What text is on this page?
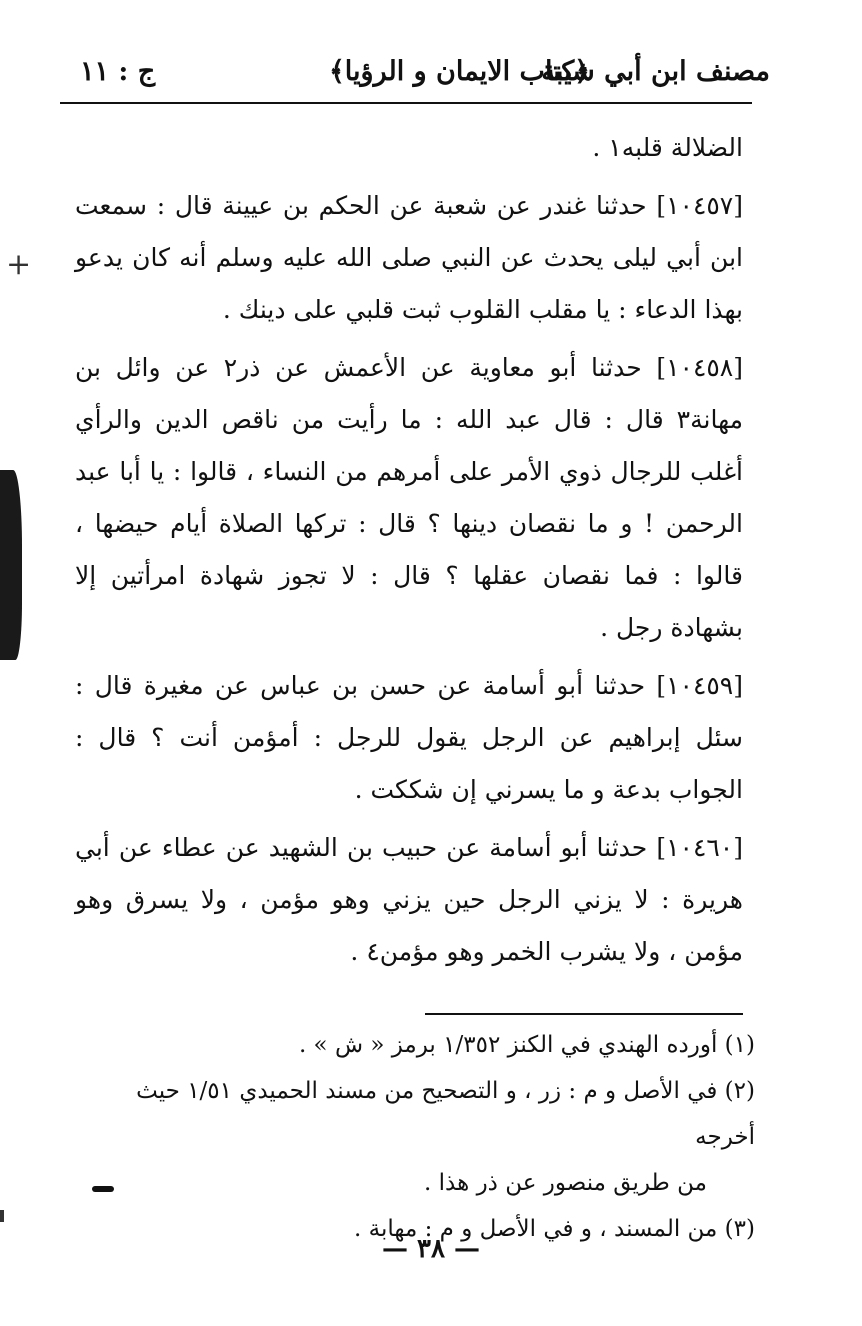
مصنف ابن أبي شيبة
﴿كتاب الايمان و الرؤيا﴾
ج : ١١

الضلالة قلبه١ .

[١٠٤٥٧] حدثنا غندر عن شعبة عن الحكم بن عيينة قال : سمعت ابن أبي ليلى يحدث عن النبي صلى الله عليه وسلم أنه كان يدعو بهذا الدعاء : يا مقلب القلوب ثبت قلبي على دينك .

[١٠٤٥٨] حدثنا أبو معاوية عن الأعمش عن ذر٢ عن وائل بن مهانة٣ قال : قال عبد الله : ما رأيت من ناقص الدين والرأي أغلب للرجال ذوي الأمر على أمرهم من النساء ، قالوا : يا أبا عبد الرحمن ! و ما نقصان دينها ؟ قال : تركها الصلاة أيام حيضها ، قالوا : فما نقصان عقلها ؟ قال : لا تجوز شهادة امرأتين إلا بشهادة رجل .

[١٠٤٥٩] حدثنا أبو أسامة عن حسن بن عباس عن مغيرة قال : سئل إبراهيم عن الرجل يقول للرجل : أمؤمن أنت ؟ قال : الجواب بدعة و ما يسرني إن شككت .

[١٠٤٦٠] حدثنا أبو أسامة عن حبيب بن الشهيد عن عطاء عن أبي هريرة : لا يزني الرجل حين يزني وهو مؤمن ، ولا يسرق وهو مؤمن ، ولا يشرب الخمر وهو مؤمن٤ .

(١) أورده الهندي في الكنز ١/٣٥٢ برمز « ش » .

(٢) في الأصل و م : زر ، و التصحيح من مسند الحميدي ١/٥١ حيث أخرجه

من طريق منصور عن ذر هذا .

(٣) من المسند ، و في الأصل و م : مهابة .

— ٣٨ —
+
